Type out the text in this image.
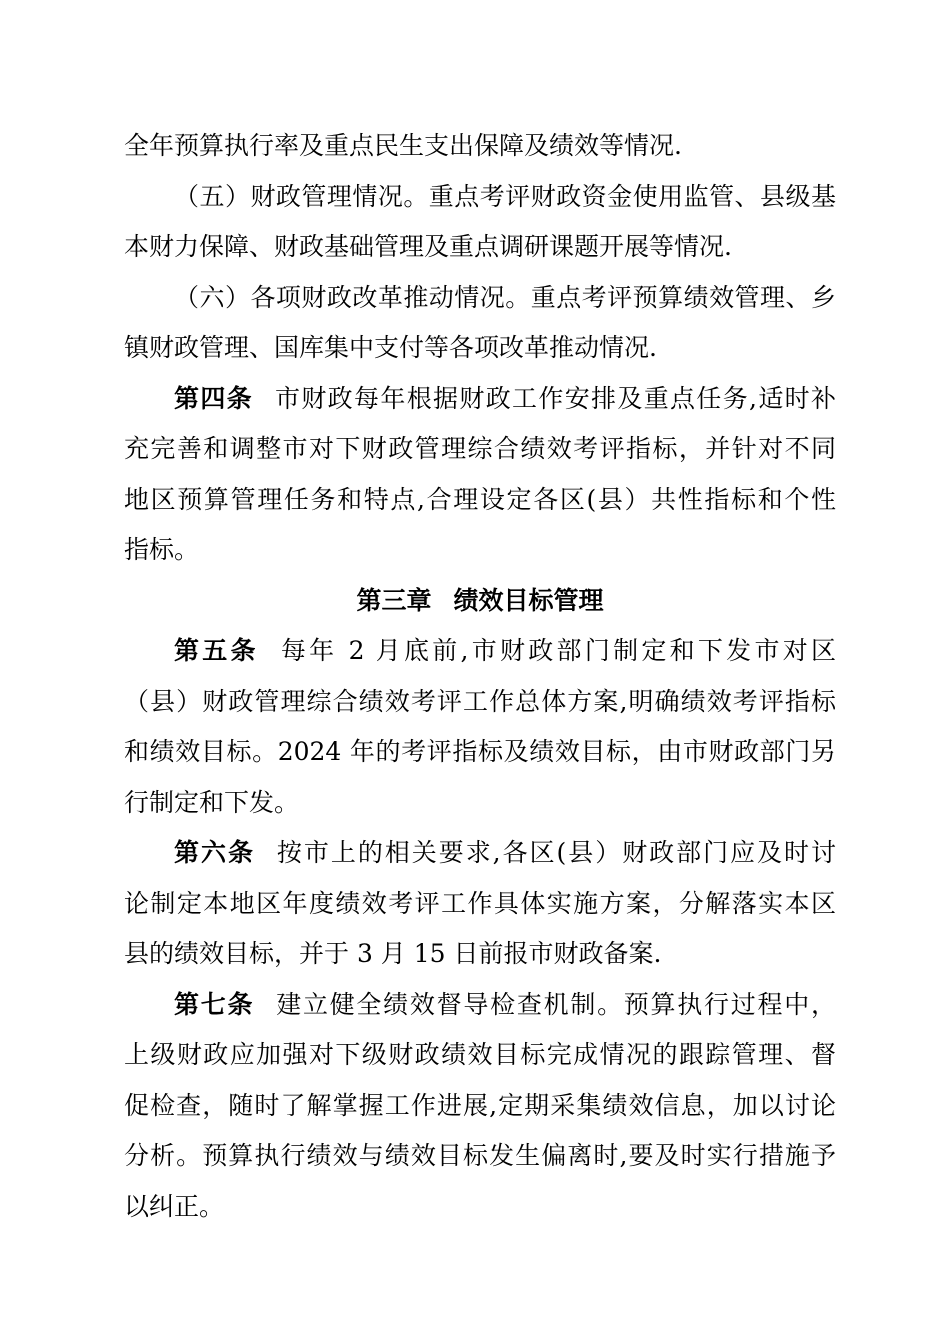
全年预算执行率及重点民生支出保障及绩效等情况.
（五）财政管理情况。重点考评财政资金使用监管、县级基
本财力保障、财政基础管理及重点调研课题开展等情况.
（六）各项财政改革推动情况。重点考评预算绩效管理、乡
镇财政管理、国库集中支付等各项改革推动情况.
第四条 市财政每年根据财政工作安排及重点任务,适时补
充完善和调整市对下财政管理综合绩效考评指标，并针对不同
地区预算管理任务和特点,合理设定各区(县）共性指标和个性
指标。
第三章 绩效目标管理
第五条 每年 2 月底前,市财政部门制定和下发市对区
（县）财政管理综合绩效考评工作总体方案,明确绩效考评指标
和绩效目标。2024 年的考评指标及绩效目标，由市财政部门另
行制定和下发。
第六条 按市上的相关要求,各区(县）财政部门应及时讨
论制定本地区年度绩效考评工作具体实施方案，分解落实本区
县的绩效目标，并于 3 月 15 日前报市财政备案.
第七条 建立健全绩效督导检查机制。预算执行过程中，
上级财政应加强对下级财政绩效目标完成情况的跟踪管理、督
促检查，随时了解掌握工作进展,定期采集绩效信息，加以讨论
分析。预算执行绩效与绩效目标发生偏离时,要及时实行措施予
以纠正。
